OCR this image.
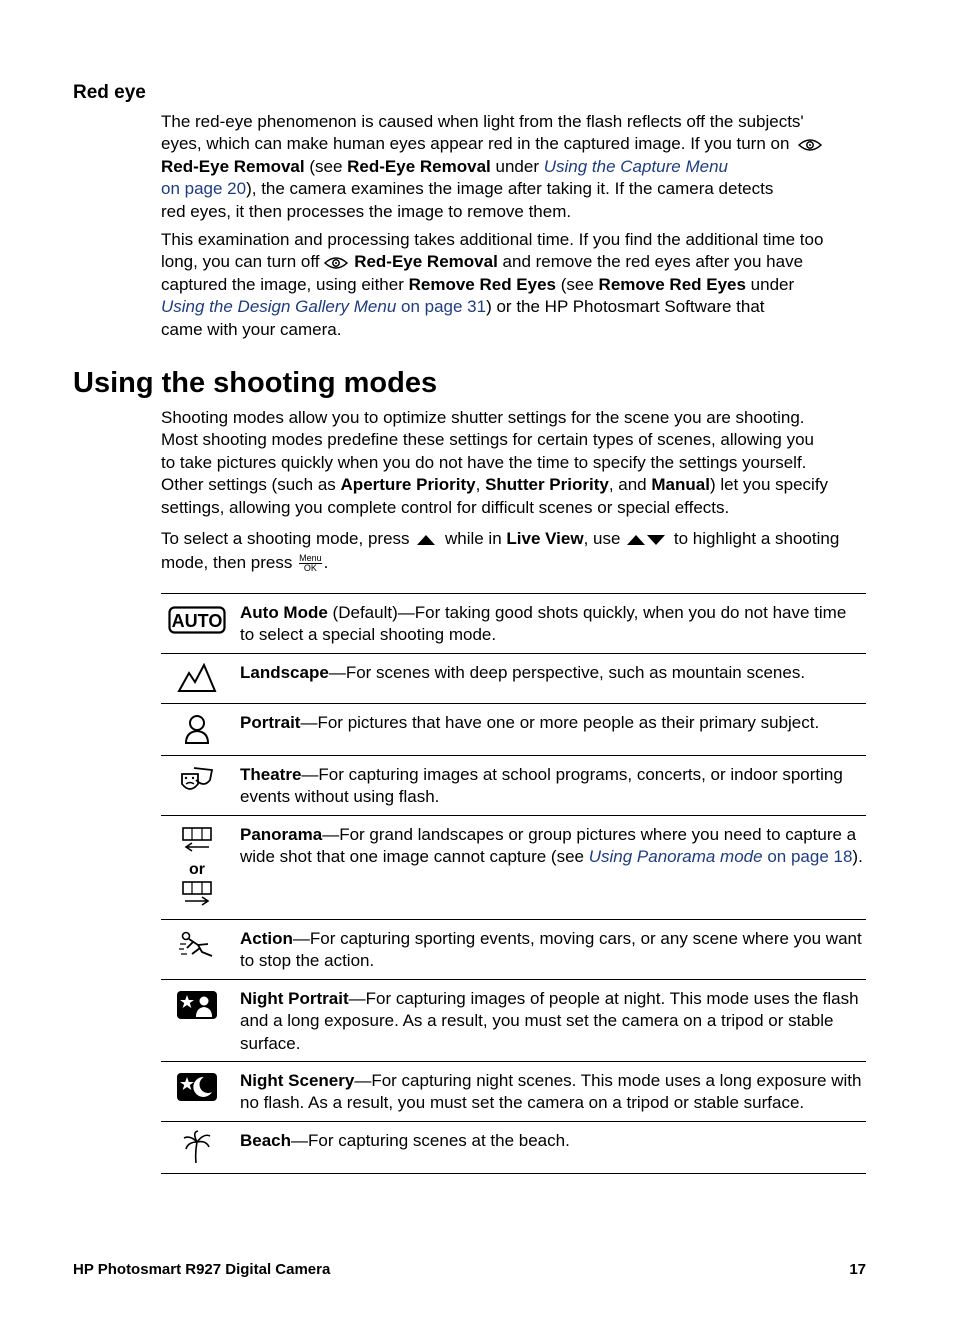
Red eye
The red-eye phenomenon is caused when light from the flash reflects off the subjects'
eyes, which can make human eyes appear red in the captured image. If you turn on
Red-Eye Removal (see Red-Eye Removal under Using the Capture Menu
on page 20), the camera examines the image after taking it. If the camera detects
red eyes, it then processes the image to remove them.
This examination and processing takes additional time. If you find the additional time too
long, you can turn off Red-Eye Removal and remove the red eyes after you have
captured the image, using either Remove Red Eyes (see Remove Red Eyes under
Using the Design Gallery Menu on page 31) or the HP Photosmart Software that
came with your camera.
Using the shooting modes
Shooting modes allow you to optimize shutter settings for the scene you are shooting.
Most shooting modes predefine these settings for certain types of scenes, allowing you
to take pictures quickly when you do not have the time to specify the settings yourself.
Other settings (such as Aperture Priority, Shutter Priority, and Manual) let you specify
settings, allowing you complete control for difficult scenes or special effects.
To select a shooting mode, press  while in Live View, use	to highlight a shooting
mode, then press Menu
OK .
AUTO	Auto Mode (Default)—For taking good shots quickly, when you do not have time to select a special shooting mode.
	Landscape—For scenes with deep perspective, such as mountain scenes.
	Portrait—For pictures that have one or more people as their primary subject.
	Theatre—For capturing images at school programs, concerts, or indoor sporting events without using flash.

or	Panorama—For grand landscapes or group pictures where you need to capture a wide shot that one image cannot capture (see Using Panorama mode on page 18).
	Action—For capturing sporting events, moving cars, or any scene where you want to stop the action.
	Night Portrait—For capturing images of people at night. This mode uses the flash and a long exposure. As a result, you must set the camera on a tripod or stable surface.
	Night Scenery—For capturing night scenes. This mode uses a long exposure with no flash. As a result, you must set the camera on a tripod or stable surface.
	Beach—For capturing scenes at the beach.
HP Photosmart R927 Digital Camera	17
